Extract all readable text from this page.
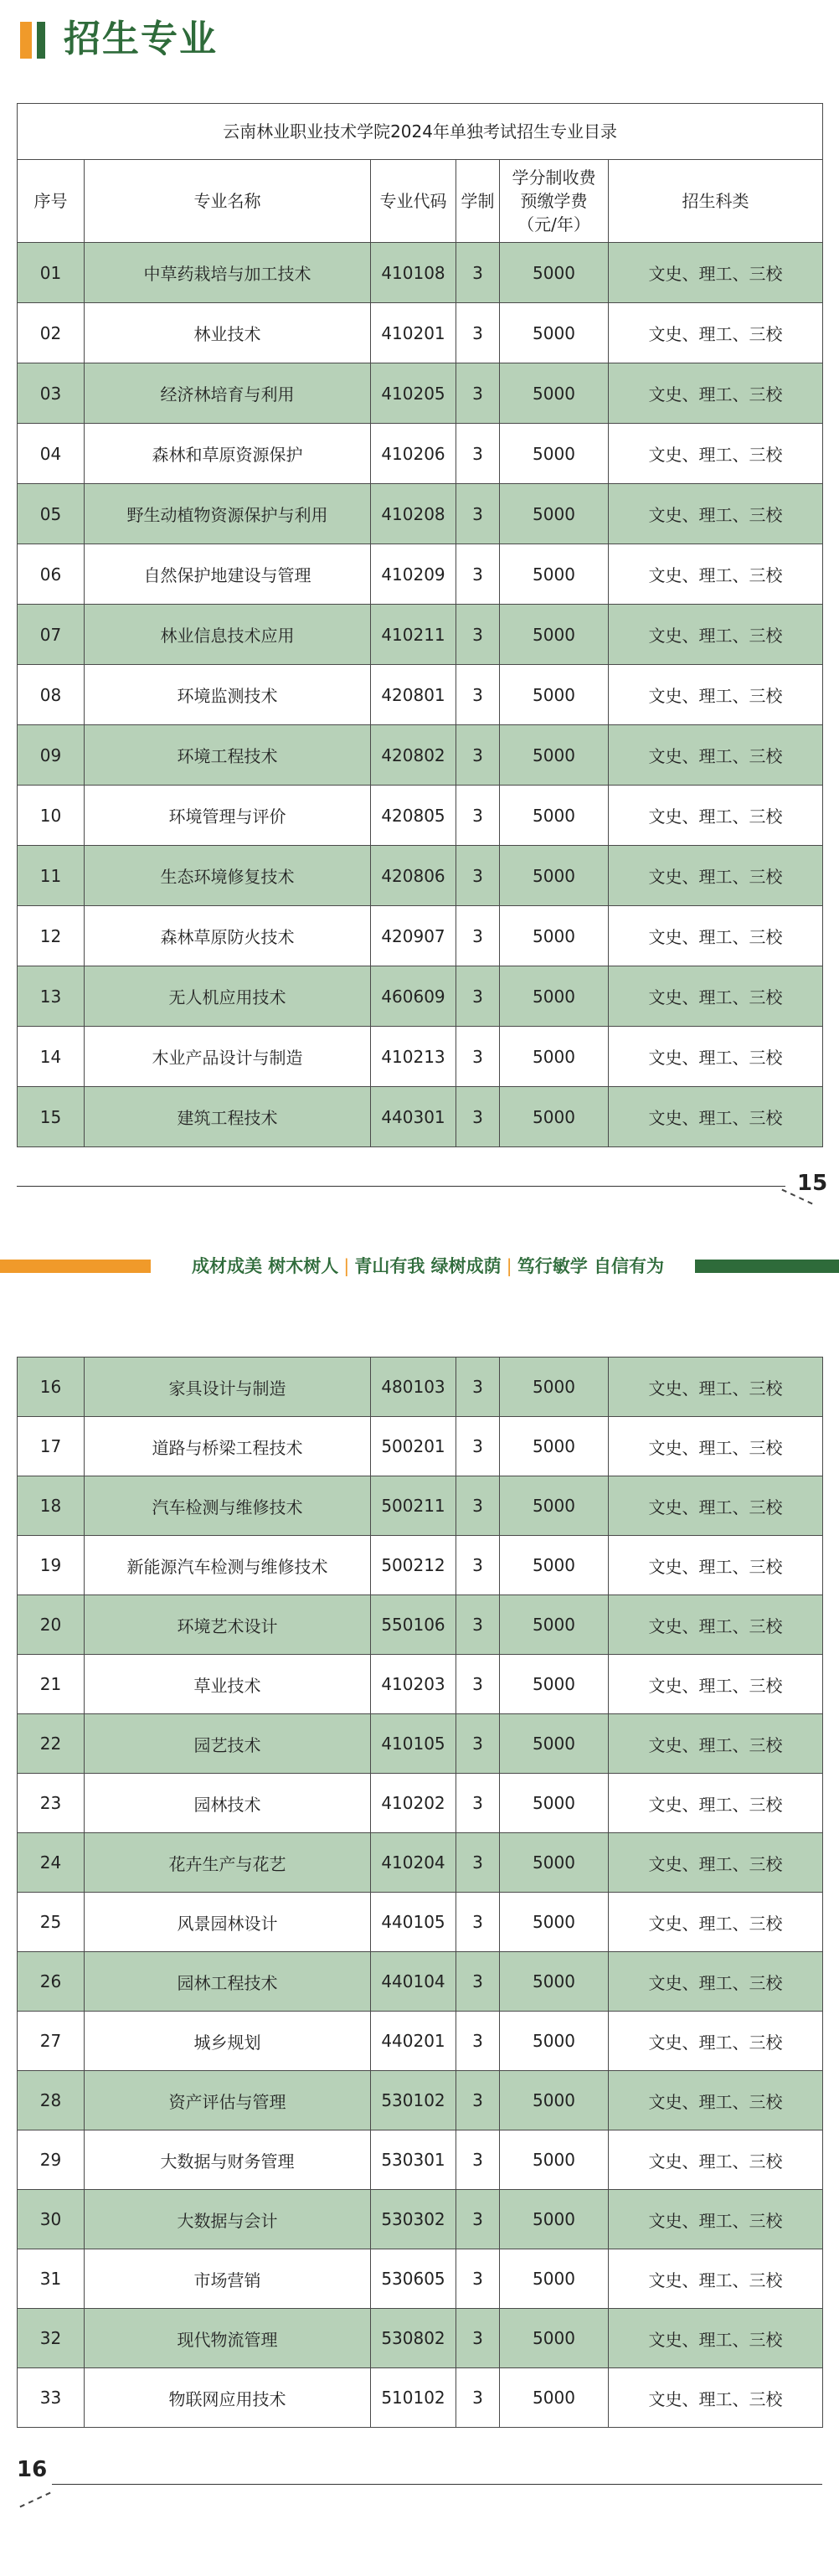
招生专业
云南林业职业技术学院2024年单独考试招生专业目录					
序号	专业名称	专业代码	学制	学分制收费
预缴学费
（元/年）	招生科类
01	中草药栽培与加工技术	410108	3	5000	文史、理工、三校
02	林业技术	410201	3	5000	文史、理工、三校
03	经济林培育与利用	410205	3	5000	文史、理工、三校
04	森林和草原资源保护	410206	3	5000	文史、理工、三校
05	野生动植物资源保护与利用	410208	3	5000	文史、理工、三校
06	自然保护地建设与管理	410209	3	5000	文史、理工、三校
07	林业信息技术应用	410211	3	5000	文史、理工、三校
08	环境监测技术	420801	3	5000	文史、理工、三校
09	环境工程技术	420802	3	5000	文史、理工、三校
10	环境管理与评价	420805	3	5000	文史、理工、三校
11	生态环境修复技术	420806	3	5000	文史、理工、三校
12	森林草原防火技术	420907	3	5000	文史、理工、三校
13	无人机应用技术	460609	3	5000	文史、理工、三校
14	木业产品设计与制造	410213	3	5000	文史、理工、三校
15	建筑工程技术	440301	3	5000	文史、理工、三校
15
成材成美 树木树人 | 青山有我 绿树成荫 | 笃行敏学 自信有为
16	家具设计与制造	480103	3	5000	文史、理工、三校
17	道路与桥梁工程技术	500201	3	5000	文史、理工、三校
18	汽车检测与维修技术	500211	3	5000	文史、理工、三校
19	新能源汽车检测与维修技术	500212	3	5000	文史、理工、三校
20	环境艺术设计	550106	3	5000	文史、理工、三校
21	草业技术	410203	3	5000	文史、理工、三校
22	园艺技术	410105	3	5000	文史、理工、三校
23	园林技术	410202	3	5000	文史、理工、三校
24	花卉生产与花艺	410204	3	5000	文史、理工、三校
25	风景园林设计	440105	3	5000	文史、理工、三校
26	园林工程技术	440104	3	5000	文史、理工、三校
27	城乡规划	440201	3	5000	文史、理工、三校
28	资产评估与管理	530102	3	5000	文史、理工、三校
29	大数据与财务管理	530301	3	5000	文史、理工、三校
30	大数据与会计	530302	3	5000	文史、理工、三校
31	市场营销	530605	3	5000	文史、理工、三校
32	现代物流管理	530802	3	5000	文史、理工、三校
33	物联网应用技术	510102	3	5000	文史、理工、三校
16
